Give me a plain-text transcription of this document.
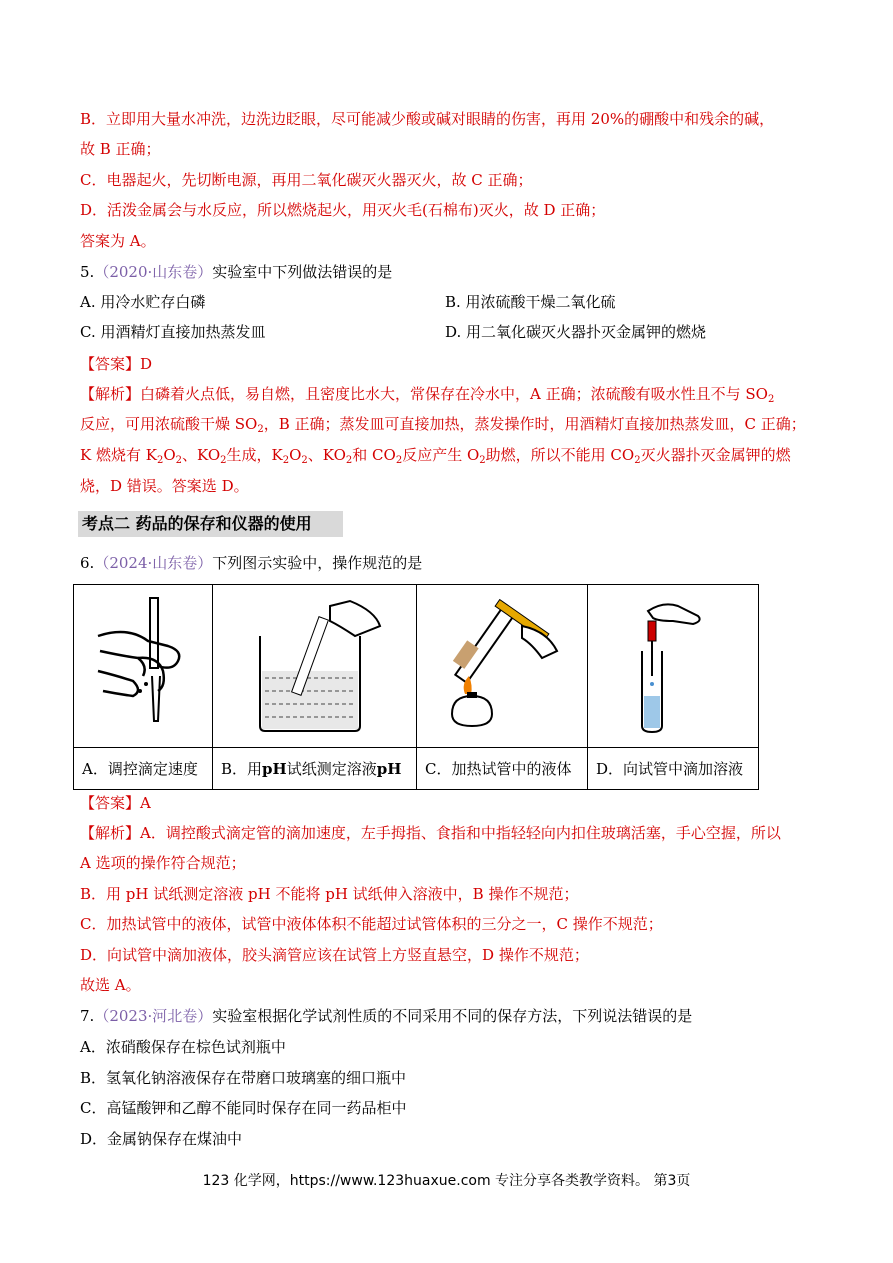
B．立即用大量水冲洗，边洗边眨眼，尽可能减少酸或碱对眼睛的伤害，再用 20%的硼酸中和残余的碱，
故 B 正确；
C．电器起火，先切断电源，再用二氧化碳灭火器灭火，故 C 正确；
D．活泼金属会与水反应，所以燃烧起火，用灭火毛(石棉布)灭火，故 D 正确；
答案为 A。
5.（2020·山东卷）实验室中下列做法错误的是
A. 用冷水贮存白磷	B. 用浓硫酸干燥二氧化硫
C. 用酒精灯直接加热蒸发皿	D. 用二氧化碳灭火器扑灭金属钾的燃烧
【答案】D
【解析】白磷着火点低，易自燃，且密度比水大，常保存在冷水中，A 正确；浓硫酸有吸水性且不与 $SO_2$
反应，可用浓硫酸干燥 $SO_2$，B 正确；蒸发皿可直接加热，蒸发操作时，用酒精灯直接加热蒸发皿，C 正确；
K 燃烧有 $K_2O_2$、$KO_2$生成，$K_2O_2$、$KO_2$和 $CO_2$反应产生 $O_2$助燃，所以不能用 $CO_2$灭火器扑灭金属钾的燃
烧，D 错误。答案选 D。
考点二 药品的保存和仪器的使用
6.（2024·山东卷）下列图示实验中，操作规范的是

A．调控滴定速度	B．用pH试纸测定溶液pH	C．加热试管中的液体	D．向试管中滴加溶液
【答案】A
【解析】A．调控酸式滴定管的滴加速度，左手拇指、食指和中指轻轻向内扣住玻璃活塞，手心空握，所以
A 选项的操作符合规范；
B．用 pH 试纸测定溶液 pH 不能将 pH 试纸伸入溶液中，B 操作不规范；
C．加热试管中的液体，试管中液体体积不能超过试管体积的三分之一，C 操作不规范；
D．向试管中滴加液体，胶头滴管应该在试管上方竖直悬空，D 操作不规范；
故选 A。
7.（2023·河北卷）实验室根据化学试剂性质的不同采用不同的保存方法，下列说法错误的是
A．浓硝酸保存在棕色试剂瓶中
B．氢氧化钠溶液保存在带磨口玻璃塞的细口瓶中
C．高锰酸钾和乙醇不能同时保存在同一药品柜中
D．金属钠保存在煤油中
123 化学网，https://www.123huaxue.com 专注分享各类教学资料。 第3页
